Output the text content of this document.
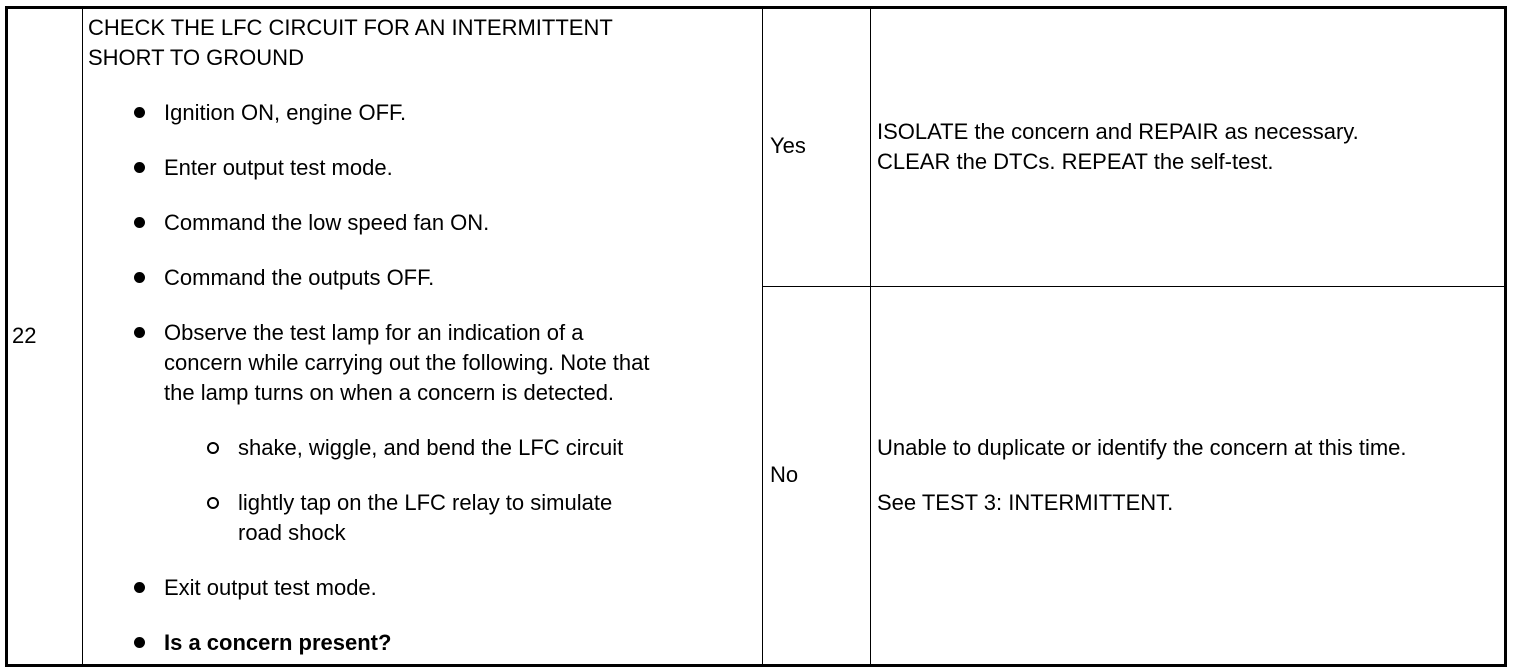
22
CHECK THE LFC CIRCUIT FOR AN INTERMITTENT
SHORT TO GROUND
Ignition ON, engine OFF.
Enter output test mode.
Command the low speed fan ON.
Command the outputs OFF.
Observe the test lamp for an indication of a
concern while carrying out the following. Note that
the lamp turns on when a concern is detected.
shake, wiggle, and bend the LFC circuit
lightly tap on the LFC relay to simulate
road shock
Exit output test mode.
Is a concern present?
Yes
ISOLATE the concern and REPAIR as necessary.
CLEAR the DTCs. REPEAT the self-test.
No
Unable to duplicate or identify the concern at this time.
See TEST 3: INTERMITTENT.
